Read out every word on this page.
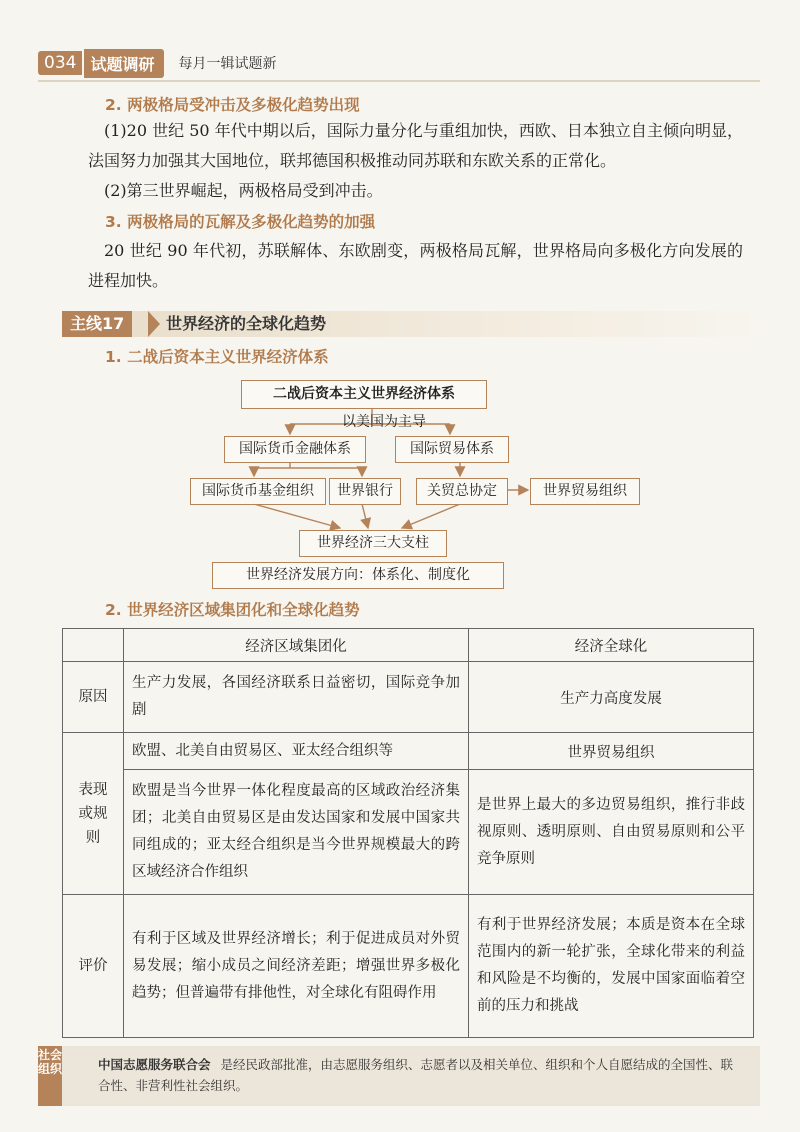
034 试题调研	每月一辑试题新
2. 两极格局受冲击及多极化趋势出现
(1)20 世纪 50 年代中期以后，国际力量分化与重组加快，西欧、日本独立自主倾向明显，法国努力加强其大国地位，联邦德国积极推动同苏联和东欧关系的正常化。
(2)第三世界崛起，两极格局受到冲击。
3. 两极格局的瓦解及多极化趋势的加强
20 世纪 90 年代初，苏联解体、东欧剧变，两极格局瓦解，世界格局向多极化方向发展的进程加快。
主线17	世界经济的全球化趋势
1. 二战后资本主义世界经济体系
二战后资本主义世界经济体系
以美国为主导
国际货币金融体系	国际贸易体系
国际货币基金组织	世界银行	关贸总协定	世界贸易组织
世界经济三大支柱
世界经济发展方向：体系化、制度化
2. 世界经济区域集团化和全球化趋势
	经济区域集团化	经济全球化
原因	生产力发展，各国经济联系日益密切，国际竞争加剧	生产力高度发展

表现或规则	欧盟、北美自由贸易区、亚太经合组织等	世界贸易组织
	欧盟是当今世界一体化程度最高的区域政治经济集团；北美自由贸易区是由发达国家和发展中国家共同组成的；亚太经合组织是当今世界规模最大的跨区域经济合作组织	是世界上最大的多边贸易组织，推行非歧视原则、透明原则、自由贸易原则和公平竞争原则
评价	有利于区域及世界经济增长；利于促进成员对外贸易发展；缩小成员之间经济差距；增强世界多极化趋势；但普遍带有排他性，对全球化有阻碍作用	有利于世界经济发展；本质是资本在全球范围内的新一轮扩张，全球化带来的利益和风险是不均衡的，发展中国家面临着空前的压力和挑战
社会组织	中国志愿服务联合会 是经民政部批准，由志愿服务组织、志愿者以及相关单位、组织和个人自愿结成的全国性、联合性、非营利性社会组织。
